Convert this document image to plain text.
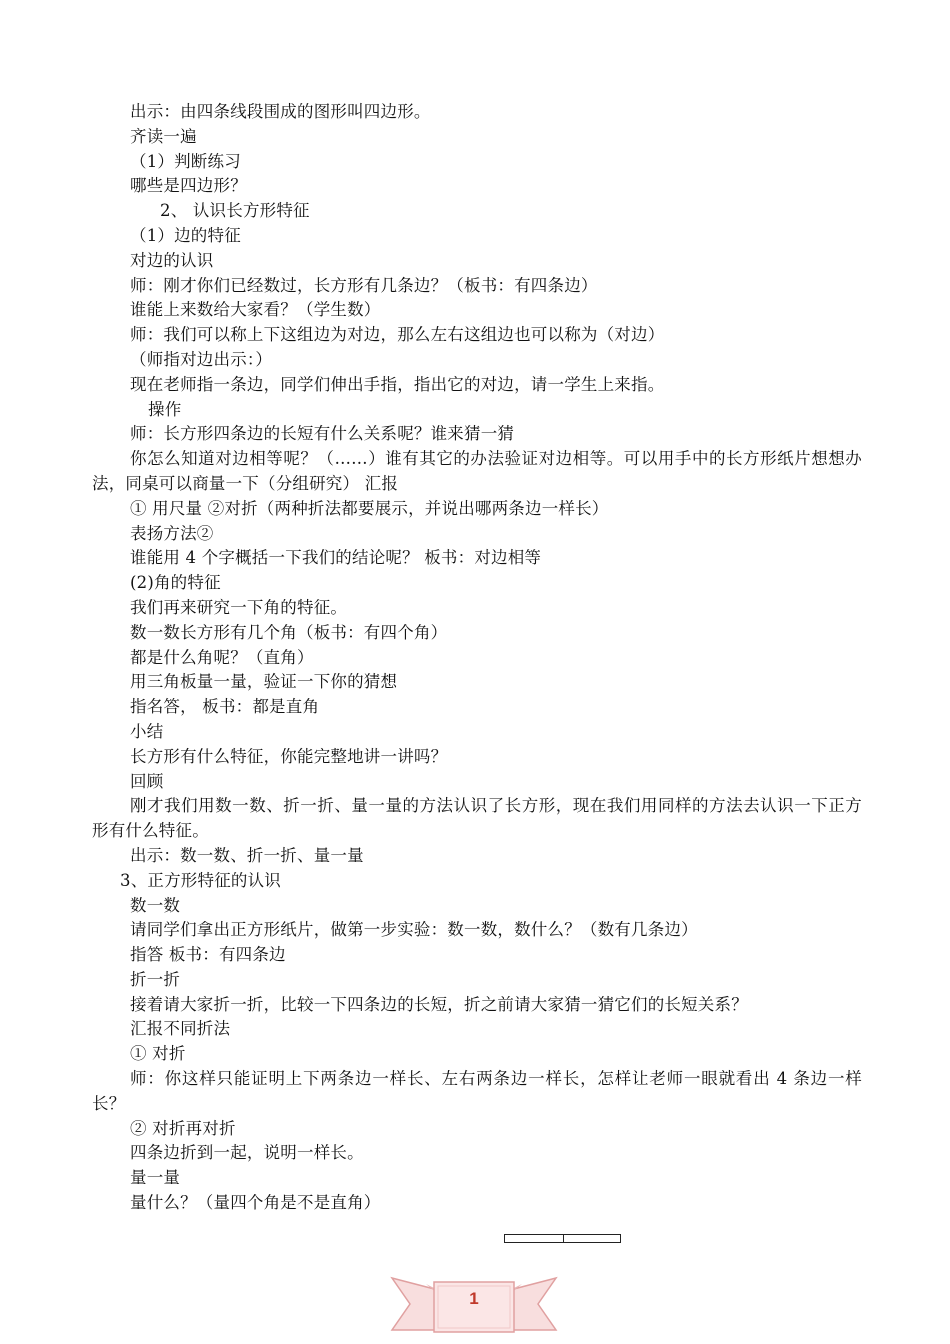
出示：由四条线段围成的图形叫四边形。
齐读一遍
（1）判断练习
哪些是四边形？
2、 认识长方形特征
（1）边的特征
对边的认识
师：刚才你们已经数过，长方形有几条边？（板书：有四条边）
谁能上来数给大家看？（学生数）
师：我们可以称上下这组边为对边，那么左右这组边也可以称为（对边）
（师指对边出示：）
现在老师指一条边，同学们伸出手指，指出它的对边，请一学生上来指。
操作
师：长方形四条边的长短有什么关系呢？谁来猜一猜
你怎么知道对边相等呢？（……）谁有其它的办法验证对边相等。可以用手中的长方形纸片想想办法，同桌可以商量一下（分组研究） 汇报
① 用尺量 ②对折（两种折法都要展示，并说出哪两条边一样长）
表扬方法②
谁能用 4 个字概括一下我们的结论呢？ 板书：对边相等
(2)角的特征
我们再来研究一下角的特征。
数一数长方形有几个角（板书：有四个角）
都是什么角呢？（直角）
用三角板量一量，验证一下你的猜想
指名答， 板书：都是直角
小结
长方形有什么特征，你能完整地讲一讲吗？
回顾
刚才我们用数一数、折一折、量一量的方法认识了长方形，现在我们用同样的方法去认识一下正方形有什么特征。
出示：数一数、折一折、量一量
3、正方形特征的认识
数一数
请同学们拿出正方形纸片，做第一步实验：数一数，数什么？（数有几条边）
指答 板书：有四条边
折一折
接着请大家折一折，比较一下四条边的长短，折之前请大家猜一猜它们的长短关系？
汇报不同折法
① 对折
师：你这样只能证明上下两条边一样长、左右两条边一样长，怎样让老师一眼就看出 4 条边一样长？
② 对折再对折
四条边折到一起，说明一样长。
量一量
量什么？（量四个角是不是直角）
1
